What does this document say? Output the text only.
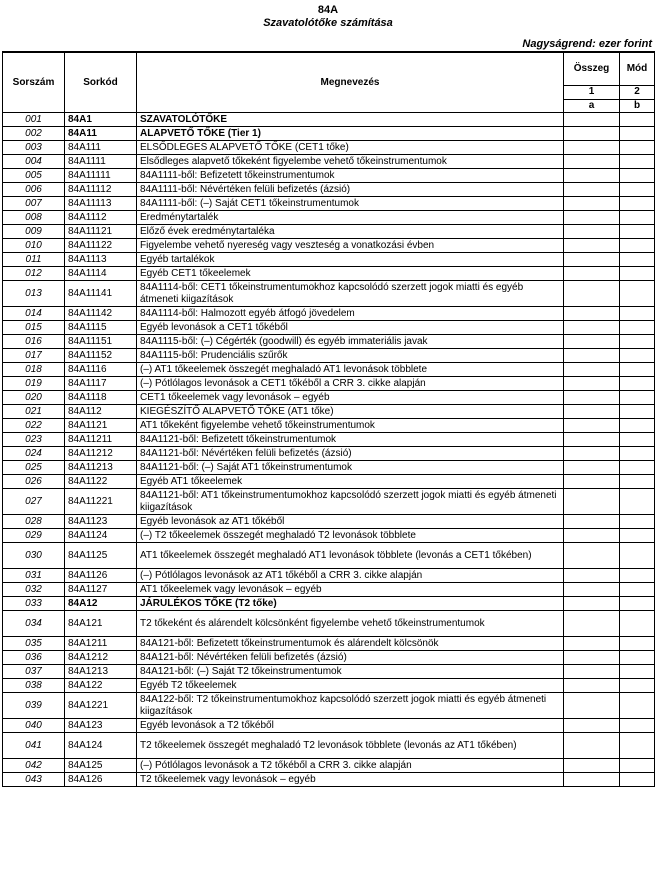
84A
Szavatolótőke számítása
Nagyságrend: ezer forint
Sorszám	Sorkód	Megnevezés	Összeg	Mód
			1	2
			a	b
001	84A1	SZAVATOLÓTŐKE		
002	84A11	ALAPVETŐ TŐKE (Tier 1)		
003	84A111	ELSŐDLEGES ALAPVETŐ TŐKE (CET1 tőke)		
004	84A1111	Elsődleges alapvető tőkeként figyelembe vehető tőkeinstrumentumok		
005	84A11111	84A1111-ből: Befizetett tőkeinstrumentumok		
006	84A11112	84A1111-ből: Névértéken felüli befizetés (ázsió)		
007	84A11113	84A1111-ből: (–) Saját CET1 tőkeinstrumentumok		
008	84A1112	Eredménytartalék		
009	84A11121	Előző évek eredménytartaléka		
010	84A11122	Figyelembe vehető nyereség vagy veszteség a vonatkozási évben		
011	84A1113	Egyéb tartalékok		
012	84A1114	Egyéb CET1 tőkeelemek		
013	84A11141	84A1114-ből: CET1 tőkeinstrumentumokhoz kapcsolódó szerzett jogok miatti és egyéb átmeneti kiigazítások		
014	84A11142	84A1114-ből: Halmozott egyéb átfogó jövedelem		
015	84A1115	Egyéb levonások a CET1 tőkéből		
016	84A11151	84A1115-ből: (–) Cégérték (goodwill) és egyéb immateriális javak		
017	84A11152	84A1115-ből: Prudenciális szűrők		
018	84A1116	(–) AT1 tőkeelemek összegét meghaladó AT1 levonások többlete		
019	84A1117	(–) Pótlólagos levonások a CET1 tőkéből a CRR 3. cikke alapján		
020	84A1118	CET1 tőkeelemek vagy levonások – egyéb		
021	84A112	KIEGÉSZÍTŐ ALAPVETŐ TŐKE (AT1 tőke)		
022	84A1121	AT1 tőkeként figyelembe vehető tőkeinstrumentumok		
023	84A11211	84A1121-ből: Befizetett tőkeinstrumentumok		
024	84A11212	84A1121-ből: Névértéken felüli befizetés (ázsió)		
025	84A11213	84A1121-ből: (–) Saját AT1 tőkeinstrumentumok		
026	84A1122	Egyéb AT1 tőkeelemek		
027	84A11221	84A1121-ből: AT1 tőkeinstrumentumokhoz kapcsolódó szerzett jogok miatti és egyéb átmeneti kiigazítások		
028	84A1123	Egyéb levonások az AT1 tőkéből		
029	84A1124	(–) T2 tőkeelemek összegét meghaladó T2 levonások többlete		
030	84A1125	AT1 tőkeelemek összegét meghaladó AT1 levonások többlete (levonás a CET1 tőkében)		
031	84A1126	(–) Pótlólagos levonások az AT1 tőkéből a CRR 3. cikke alapján		
032	84A1127	AT1 tőkeelemek vagy levonások – egyéb		
033	84A12	JÁRULÉKOS TŐKE (T2 tőke)		
034	84A121	T2 tőkeként és alárendelt kölcsönként figyelembe vehető tőkeinstrumentumok		
035	84A1211	84A121-ből: Befizetett tőkeinstrumentumok és alárendelt kölcsönök		
036	84A1212	84A121-ből: Névértéken felüli befizetés (ázsió)		
037	84A1213	84A121-ből: (–) Saját T2 tőkeinstrumentumok		
038	84A122	Egyéb T2 tőkeelemek		
039	84A1221	84A122-ből: T2 tőkeinstrumentumokhoz kapcsolódó szerzett jogok miatti és egyéb átmeneti kiigazítások		
040	84A123	Egyéb levonások a T2 tőkéből		
041	84A124	T2 tőkeelemek összegét meghaladó T2 levonások többlete (levonás az AT1 tőkében)		
042	84A125	(–) Pótlólagos levonások a T2 tőkéből a CRR 3. cikke alapján		
043	84A126	T2 tőkeelemek vagy levonások – egyéb		
